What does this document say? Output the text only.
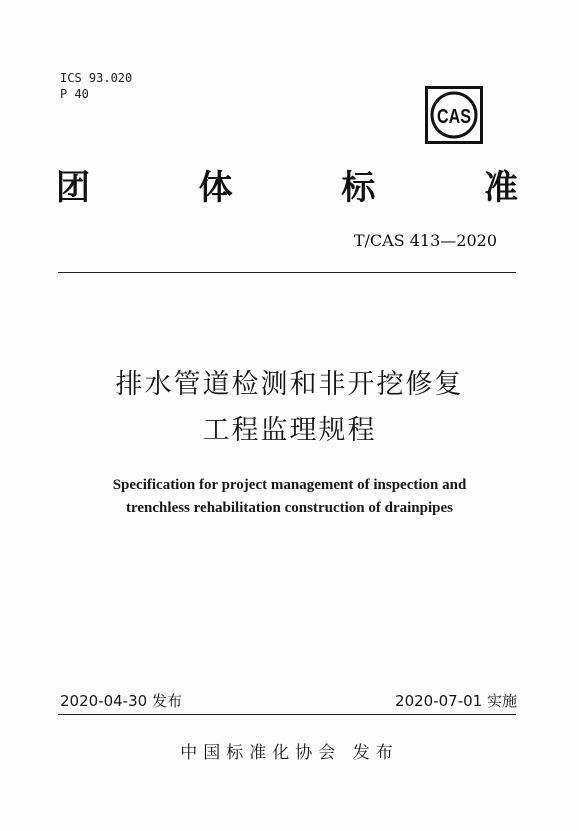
ICS 93.020
P 40
CAS
团	体	标	准
T/CAS 413—2020
排水管道检测和非开挖修复
工程监理规程
Specification for project management of inspection and
trenchless rehabilitation construction of drainpipes
2020-04-30 发布	2020-07-01 实施
中国标准化协会 发布
